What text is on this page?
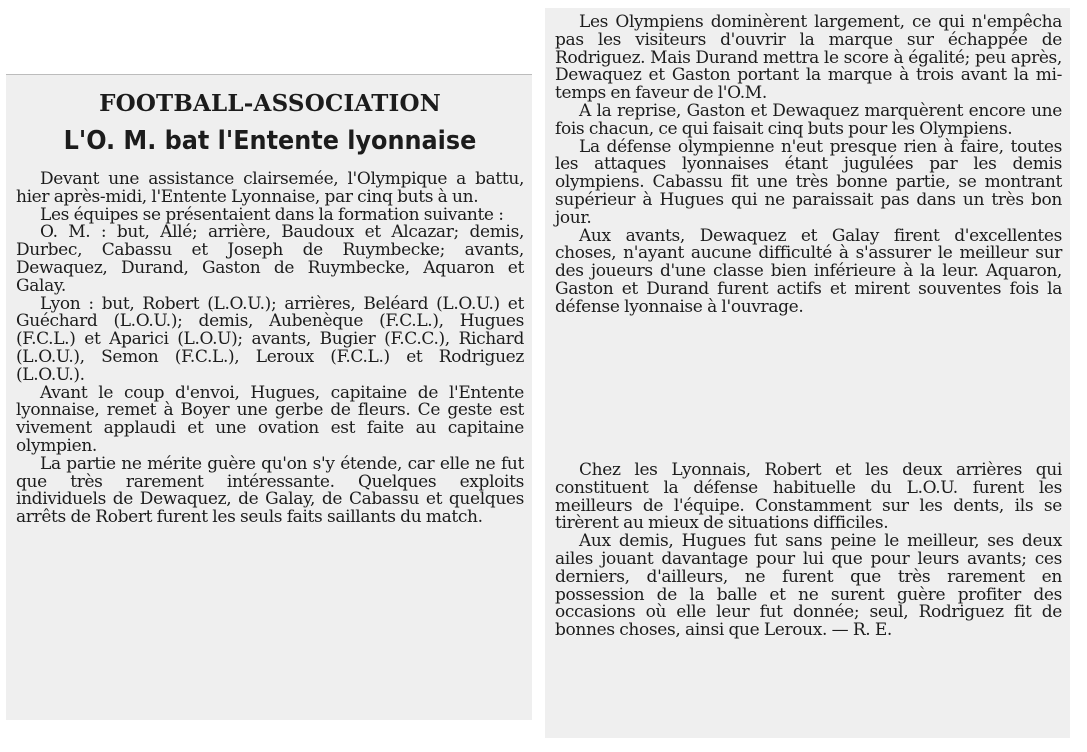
FOOTBALL-ASSOCIATION
L'O. M. bat l'Entente lyonnaise

Devant une assistance clairsemée, l'Olympique a battu, hier après-midi, l'Entente Lyonnaise, par cinq buts à un.

Les équipes se présentaient dans la formation suivante :

O. M. : but, Allé; arrière, Baudoux et Alcazar; demis, Durbec, Cabassu et Joseph de Ruymbecke; avants, Dewaquez, Durand, Gaston de Ruymbecke, Aquaron et Galay.

Lyon : but, Robert (L.O.U.); arrières, Beléard (L.O.U.) et Guéchard (L.O.U.); demis, Aubenèque (F.C.L.), Hugues (F.C.L.) et Aparici (L.O.U); avants, Bugier (F.C.C.), Richard (L.O.U.), Semon (F.C.L.), Leroux (F.C.L.) et Rodriguez (L.O.U.).

Avant le coup d'envoi, Hugues, capitaine de l'Entente lyonnaise, remet à Boyer une gerbe de fleurs. Ce geste est vivement applaudi et une ovation est faite au capitaine olympien.

La partie ne mérite guère qu'on s'y étende, car elle ne fut que très rarement intéressante. Quelques exploits individuels de Dewaquez, de Galay, de Cabassu et quelques arrêts de Robert furent les seuls faits saillants du match.

Les Olympiens dominèrent largement, ce qui n'empêcha pas les visiteurs d'ouvrir la marque sur échappée de Rodriguez. Mais Durand mettra le score à égalité; peu après, Dewaquez et Gaston portant la marque à trois avant la mi-temps en faveur de l'O.M.

A la reprise, Gaston et Dewaquez marquèrent encore une fois chacun, ce qui faisait cinq buts pour les Olympiens.

La défense olympienne n'eut presque rien à faire, toutes les attaques lyonnaises étant jugulées par les demis olympiens. Cabassu fit une très bonne partie, se montrant supérieur à Hugues qui ne paraissait pas dans un très bon jour.

Aux avants, Dewaquez et Galay firent d'excellentes choses, n'ayant aucune difficulté à s'assurer le meilleur sur des joueurs d'une classe bien inférieure à la leur. Aquaron, Gaston et Durand furent actifs et mirent souventes fois la défense lyonnaise à l'ouvrage.

Chez les Lyonnais, Robert et les deux arrières qui constituent la défense habituelle du L.O.U. furent les meilleurs de l'équipe. Constamment sur les dents, ils se tirèrent au mieux de situations difficiles.

Aux demis, Hugues fut sans peine le meilleur, ses deux ailes jouant davantage pour lui que pour leurs avants; ces derniers, d'ailleurs, ne furent que très rarement en possession de la balle et ne surent guère profiter des occasions où elle leur fut donnée; seul, Rodriguez fit de bonnes choses, ainsi que Leroux. — R. E.
